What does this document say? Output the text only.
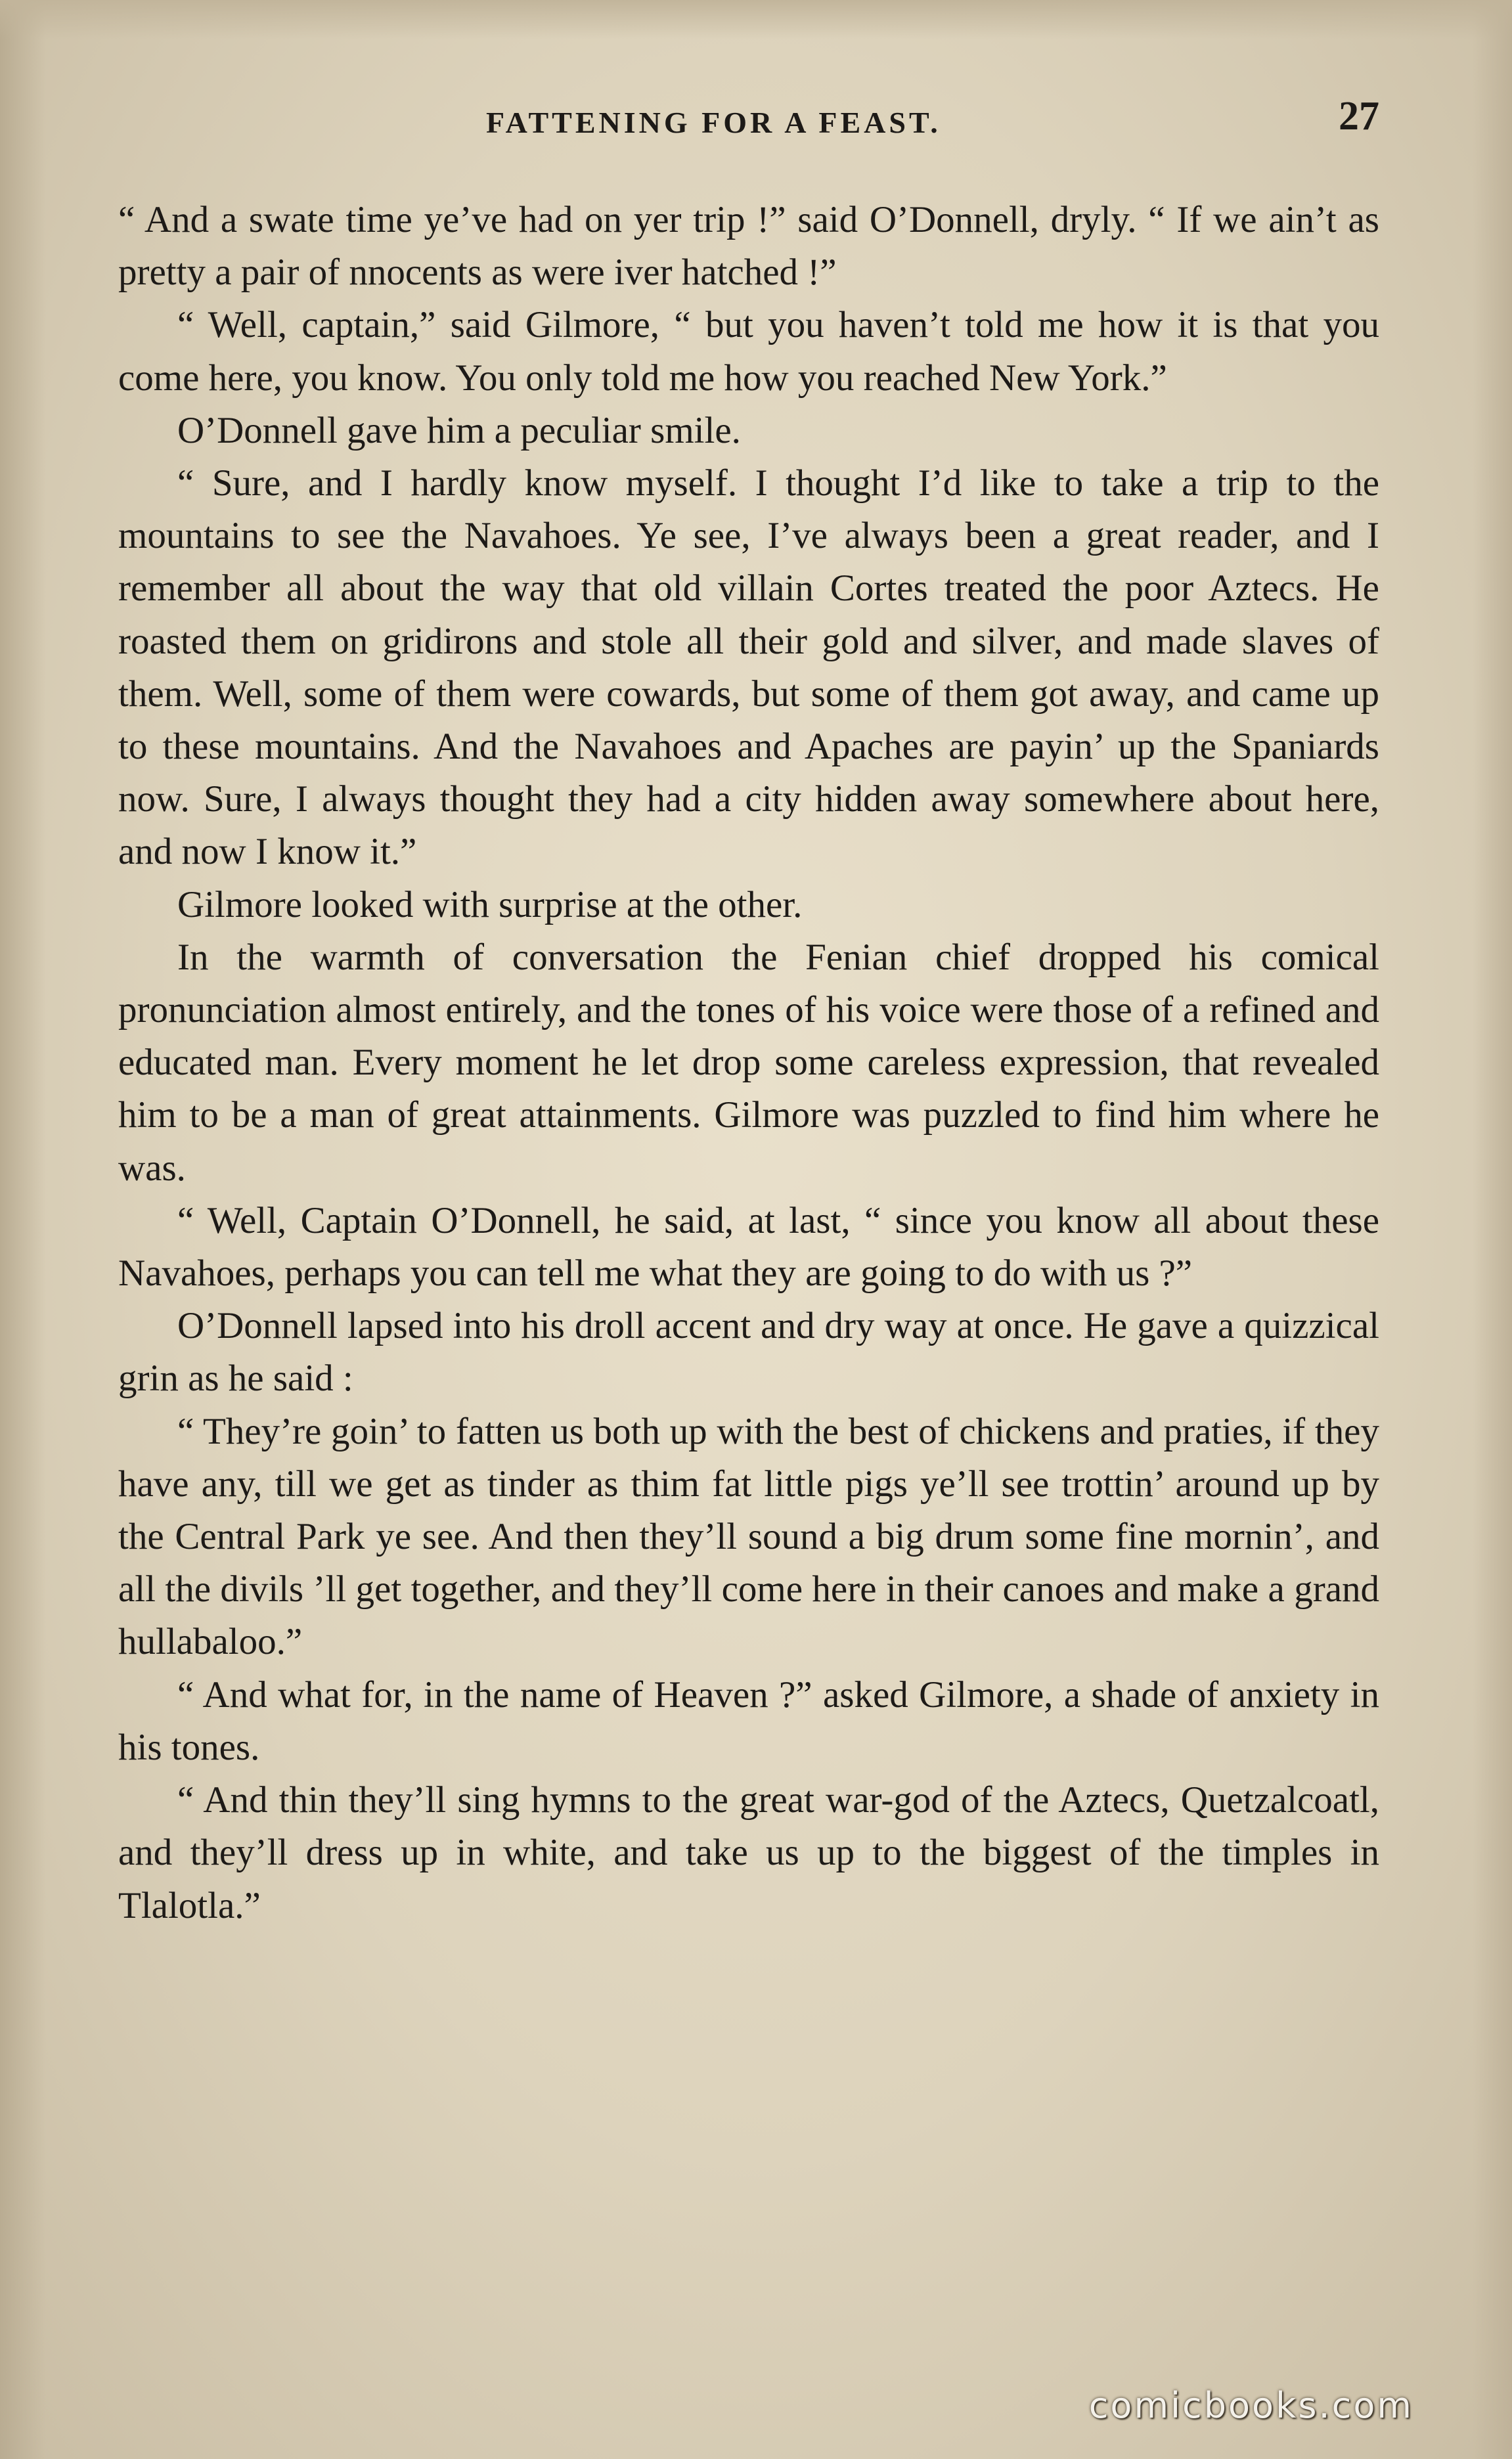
FATTENING FOR A FEAST.	27

“ And a swate time ye’ve had on yer trip !” said O’Donnell, dryly. “ If we ain’t as pretty a pair of nnocents as were iver hatched !”

“ Well, captain,” said Gilmore, “ but you haven’t told me how it is that you come here, you know. You only told me how you reached New York.”

O’Donnell gave him a peculiar smile.

“ Sure, and I hardly know myself. I thought I’d like to take a trip to the mountains to see the Navahoes. Ye see, I’ve always been a great reader, and I remember all about the way that old villain Cortes treated the poor Aztecs. He roasted them on gridirons and stole all their gold and silver, and made slaves of them. Well, some of them were cowards, but some of them got away, and came up to these mountains. And the Navahoes and Apaches are payin’ up the Spaniards now. Sure, I always thought they had a city hidden away somewhere about here, and now I know it.”

Gilmore looked with surprise at the other.

In the warmth of conversation the Fenian chief dropped his comical pronunciation almost entirely, and the tones of his voice were those of a refined and educated man. Every moment he let drop some careless expression, that revealed him to be a man of great attainments. Gilmore was puzzled to find him where he was.

“ Well, Captain O’Donnell, he said, at last, “ since you know all about these Navahoes, perhaps you can tell me what they are going to do with us ?”

O’Donnell lapsed into his droll accent and dry way at once. He gave a quizzical grin as he said :

“ They’re goin’ to fatten us both up with the best of chickens and praties, if they have any, till we get as tinder as thim fat little pigs ye’ll see trottin’ around up by the Central Park ye see. And then they’ll sound a big drum some fine mornin’, and all the divils ’ll get together, and they’ll come here in their canoes and make a grand hullabaloo.”

“ And what for, in the name of Heaven ?” asked Gilmore, a shade of anxiety in his tones.

“ And thin they’ll sing hymns to the great war-god of the Aztecs, Quetzalcoatl, and they’ll dress up in white, and take us up to the biggest of the timples in Tlalotla.”

comicbooks.com
